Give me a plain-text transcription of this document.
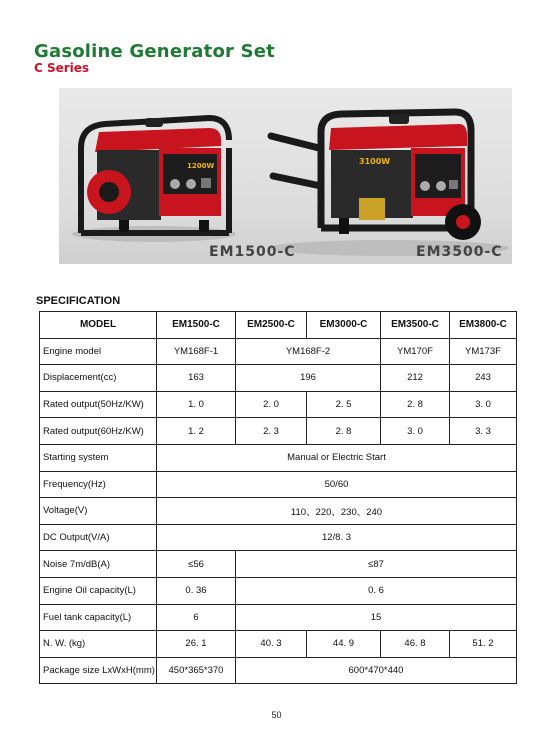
Gasoline Generator Set
C Series
1200W	3100W
EM1500-C	EM3500-C
SPECIFICATION
MODEL	EM1500-C	EM2500-C	EM3000-C	EM3500-C	EM3800-C
Engine model	YM168F-1	YM168F-2		YM170F	YM173F
Displacement(cc)	163	196		212	243
Rated output(50Hz/KW)	1. 0	2. 0	2. 5	2. 8	3. 0
Rated output(60Hz/KW)	1. 2	2. 3	2. 8	3. 0	3. 3
Starting system	Manual or Electric Start				
Frequency(Hz)	50/60				
Voltage(V)	110、220、230、240				
DC Output(V/A)	12/8. 3				
Noise 7m/dB(A)	≤56	≤87			
Engine Oil capacity(L)	0. 36	0. 6			
Fuel tank capacity(L)	6	15			
N. W. (kg)	26. 1	40. 3	44. 9	46. 8	51. 2
Package size LxWxH(mm)	450*365*370	600*470*440			
50
